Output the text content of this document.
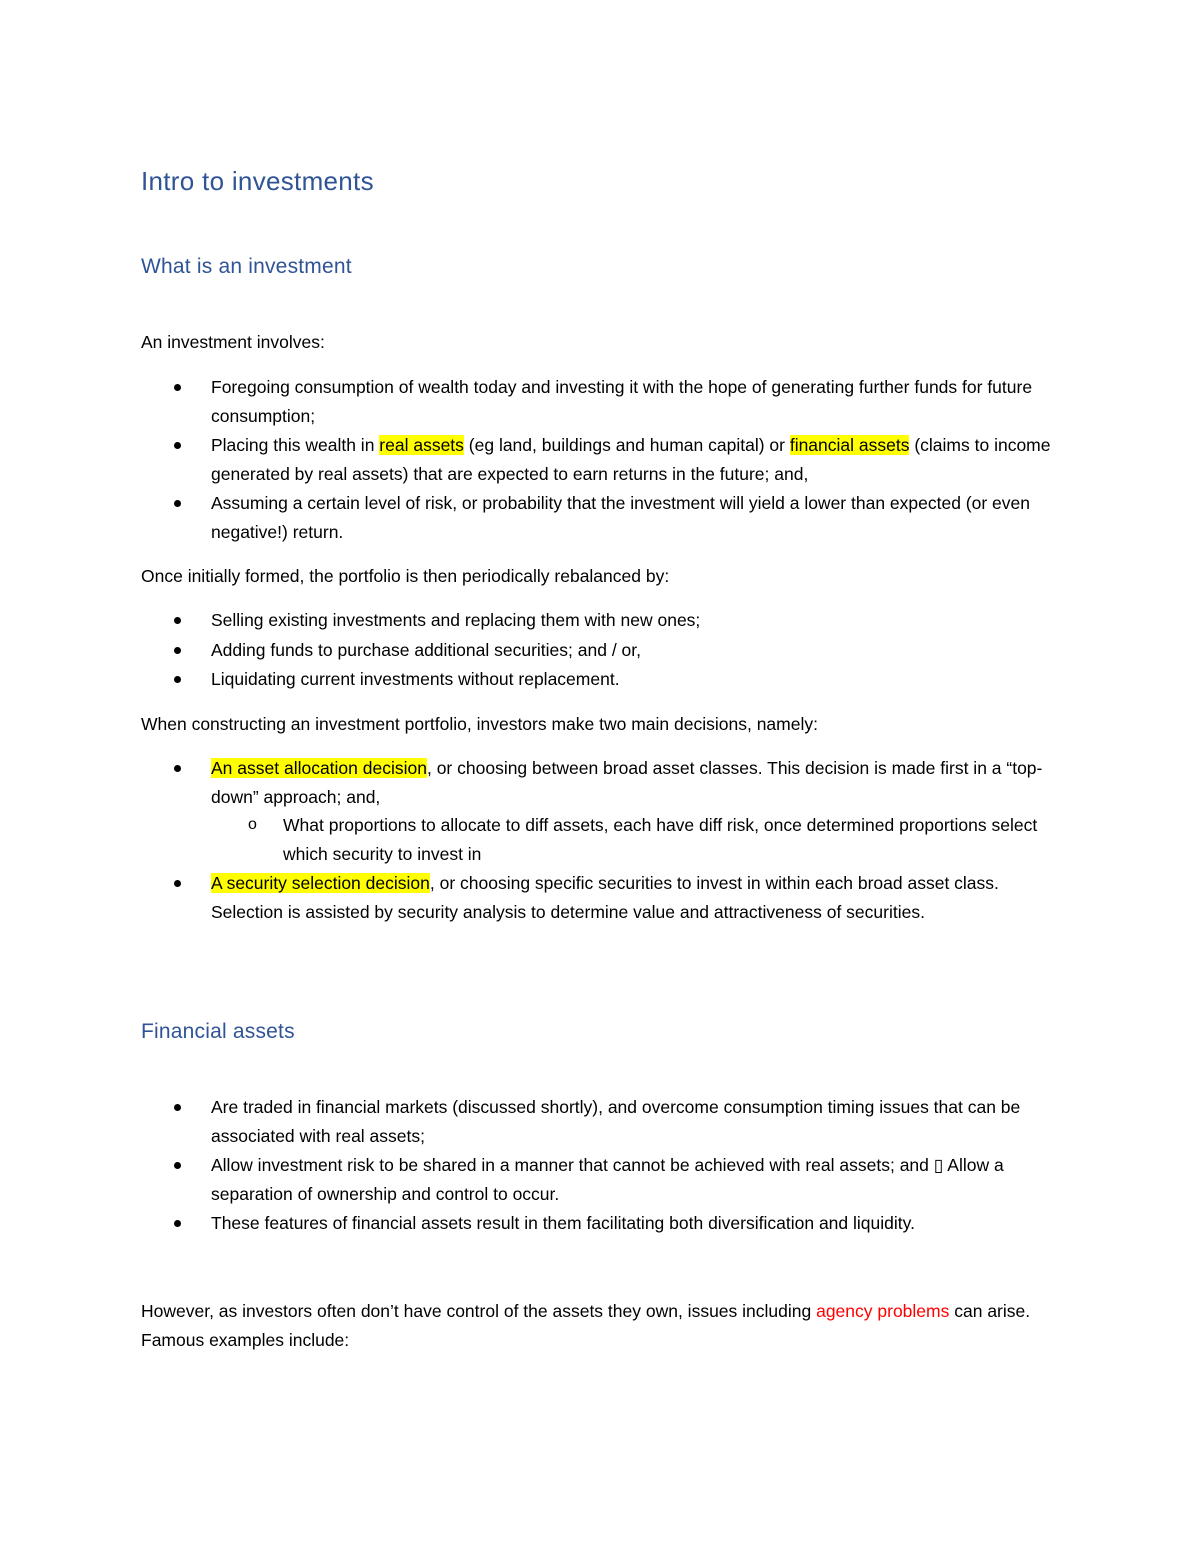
Intro to investments
What is an investment

An investment involves:

Foregoing consumption of wealth today and investing it with the hope of generating further funds for future consumption;
Placing this wealth in real assets (eg land, buildings and human capital) or financial assets (claims to income generated by real assets) that are expected to earn returns in the future; and,
Assuming a certain level of risk, or probability that the investment will yield a lower than expected (or even negative!) return.

Once initially formed, the portfolio is then periodically rebalanced by:

Selling existing investments and replacing them with new ones;
Adding funds to purchase additional securities; and / or,
Liquidating current investments without replacement.

When constructing an investment portfolio, investors make two main decisions, namely:

An asset allocation decision, or choosing between broad asset classes. This decision is made first in a “top-down” approach; and,
o What proportions to allocate to diff assets, each have diff risk, once determined proportions select which security to invest in
A security selection decision, or choosing specific securities to invest in within each broad asset class. Selection is assisted by security analysis to determine value and attractiveness of securities.
Financial assets
Are traded in financial markets (discussed shortly), and overcome consumption timing issues that can be associated with real assets;
Allow investment risk to be shared in a manner that cannot be achieved with real assets; and ▯ Allow a separation of ownership and control to occur.
These features of financial assets result in them facilitating both diversification and liquidity.

However, as investors often don’t have control of the assets they own, issues including agency problems can arise. Famous examples include:
